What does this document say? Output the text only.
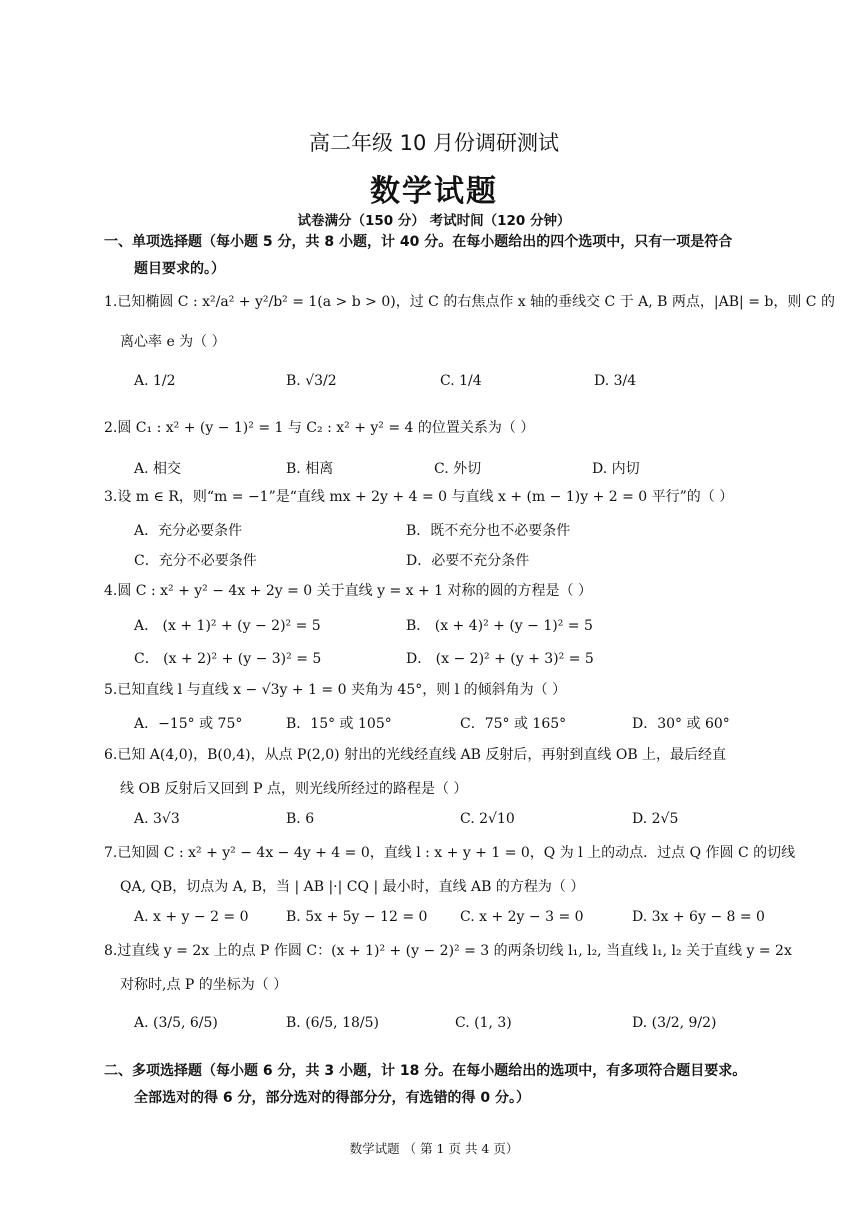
高二年级 10 月份调研测试
数学试题
试卷满分（150 分） 考试时间（120 分钟）
一、单项选择题（每小题 5 分，共 8 小题，计 40 分。在每小题给出的四个选项中，只有一项是符合
题目要求的。）
1.已知椭圆 C : x²/a² + y²/b² = 1(a > b > 0)，过 C 的右焦点作 x 轴的垂线交 C 于 A, B 两点，|AB| = b，则 C 的
离心率 e 为（ ）
A. 1/2	B. √3/2	C. 1/4	D. 3/4
2.圆 C₁ : x² + (y − 1)² = 1 与 C₂ : x² + y² = 4 的位置关系为（ ）
A. 相交	B. 相离	C. 外切	D. 内切
3.设 m ∈ R，则“m = −1”是“直线 mx + 2y + 4 = 0 与直线 x + (m − 1)y + 2 = 0 平行”的（ ）
A．充分必要条件	B．既不充分也不必要条件
C．充分不必要条件	D．必要不充分条件
4.圆 C : x² + y² − 4x + 2y = 0 关于直线 y = x + 1 对称的圆的方程是（ ）
A． (x + 1)² + (y − 2)² = 5	B． (x + 4)² + (y − 1)² = 5
C． (x + 2)² + (y − 3)² = 5	D． (x − 2)² + (y + 3)² = 5
5.已知直线 l 与直线 x − √3y + 1 = 0 夹角为 45°，则 l 的倾斜角为（ ）
A．−15° 或 75°	B．15° 或 105°	C．75° 或 165°	D．30° 或 60°
6.已知 A(4,0)，B(0,4)，从点 P(2,0) 射出的光线经直线 AB 反射后，再射到直线 OB 上，最后经直
线 OB 反射后又回到 P 点，则光线所经过的路程是（ ）
A. 3√3	B. 6	C. 2√10	D. 2√5
7.已知圆 C : x² + y² − 4x − 4y + 4 = 0，直线 l : x + y + 1 = 0，Q 为 l 上的动点．过点 Q 作圆 C 的切线
QA, QB，切点为 A, B，当 | AB |·| CQ | 最小时，直线 AB 的方程为（ ）
A. x + y − 2 = 0	B. 5x + 5y − 12 = 0 C. x + 2y − 3 = 0	D. 3x + 6y − 8 = 0
8.过直线 y = 2x 上的点 P 作圆 C：(x + 1)² + (y − 2)² = 3 的两条切线 l₁, l₂, 当直线 l₁, l₂ 关于直线 y = 2x
对称时,点 P 的坐标为（ ）
A. (3/5, 6/5)	B. (6/5, 18/5)	C. (1, 3)	D. (3/2, 9/2)
二、多项选择题（每小题 6 分，共 3 小题，计 18 分。在每小题给出的选项中，有多项符合题目要求。
全部选对的得 6 分，部分选对的得部分分，有选错的得 0 分。）
数学试题 （ 第 1 页 共 4 页）
